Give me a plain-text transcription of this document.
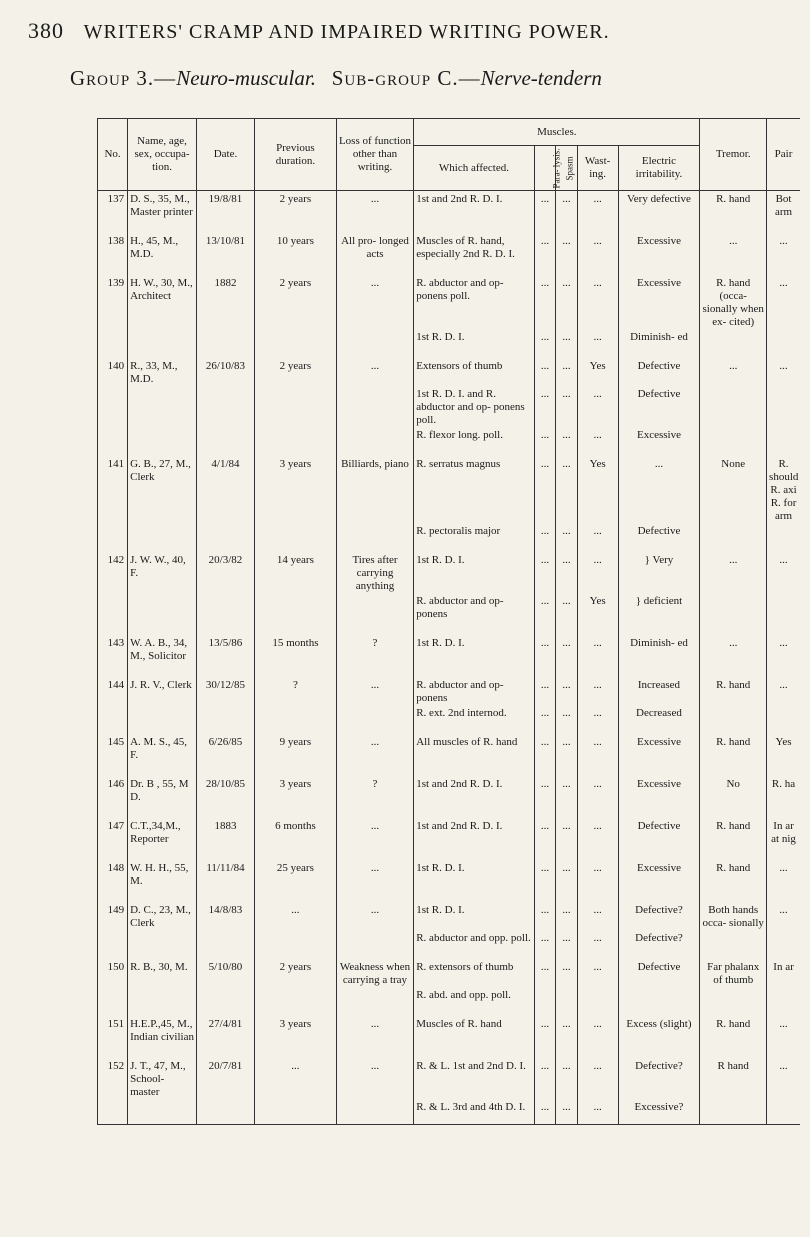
380 WRITERS' CRAMP AND IMPAIRED WRITING POWER.
Group 3.—Neuro-muscular. Sub-group C.—Nerve-tendern
No.	Name, age, sex, occupa- tion.	Date.	Previous duration.	Loss of function other than writing.	Muscles.					Tremor.	Pair
					Which affected.	Para- lysis.	Spasm	Wast- ing.	Electric irritability.		
137	D. S., 35, M., Master printer	19/8/81	2 years	...	1st and 2nd R. D. I.	...	...	...	Very defective	R. hand	Bot arm

138	H., 45, M., M.D.	13/10/81	10 years	All pro- longed acts	Muscles of R. hand, especially 2nd R. D. I.	...	...	...	Excessive	...	...

139	H. W., 30, M., Architect	1882	2 years	...	R. abductor and op- ponens poll.	...	...	...	Excessive	R. hand (occa- sionally when ex- cited)	...
					1st R. D. I.	...	...	...	Diminish- ed		

140	R., 33, M., M.D.	26/10/83	2 years	...	Extensors of thumb	...	...	Yes	Defective	...	...
					1st R. D. I. and R. abductor and op- ponens poll.	...	...	...	Defective		
					R. flexor long. poll.	...	...	...	Excessive		

141	G. B., 27, M., Clerk	4/1/84	3 years	Billiards, piano	R. serratus magnus	...	...	Yes	...	None	R. should R. axi R. for arm
					R. pectoralis major	...	...	...	Defective		

142	J. W. W., 40, F.	20/3/82	14 years	Tires after carrying anything	1st R. D. I.	...	...	...	} Very	...	...
					R. abductor and op- ponens	...	...	Yes	} deficient		

143	W. A. B., 34, M., Solicitor	13/5/86	15 months	?	1st R. D. I.	...	...	...	Diminish- ed	...	...

144	J. R. V., Clerk	30/12/85	?	...	R. abductor and op- ponens	...	...	...	Increased	R. hand	...
					R. ext. 2nd internod.	...	...	...	Decreased		

145	A. M. S., 45, F.	6/26/85	9 years	...	All muscles of R. hand	...	...	...	Excessive	R. hand	Yes

146	Dr. B , 55, M D.	28/10/85	3 years	?	1st and 2nd R. D. I.	...	...	...	Excessive	No	R. ha

147	C.T.,34,M., Reporter	1883	6 months	...	1st and 2nd R. D. I.	...	...	...	Defective	R. hand	In ar at nig

148	W. H. H., 55, M.	11/11/84	25 years	...	1st R. D. I.	...	...	...	Excessive	R. hand	...

149	D. C., 23, M., Clerk	14/8/83	...	...	1st R. D. I.	...	...	...	Defective?	Both hands occa- sionally	...
					R. abductor and opp. poll.	...	...	...	Defective?		

150	R. B., 30, M.	5/10/80	2 years	Weakness when carrying a tray	R. extensors of thumb	...	...	...	Defective	Far phalanx of thumb	In ar
					R. abd. and opp. poll.						

151	H.E.P.,45, M., Indian civilian	27/4/81	3 years	...	Muscles of R. hand	...	...	...	Excess (slight)	R. hand	...

152	J. T., 47, M., School- master	20/7/81	...	...	R. & L. 1st and 2nd D. I.	...	...	...	Defective?	R hand	...
					R. & L. 3rd and 4th D. I.	...	...	...	Excessive?		
